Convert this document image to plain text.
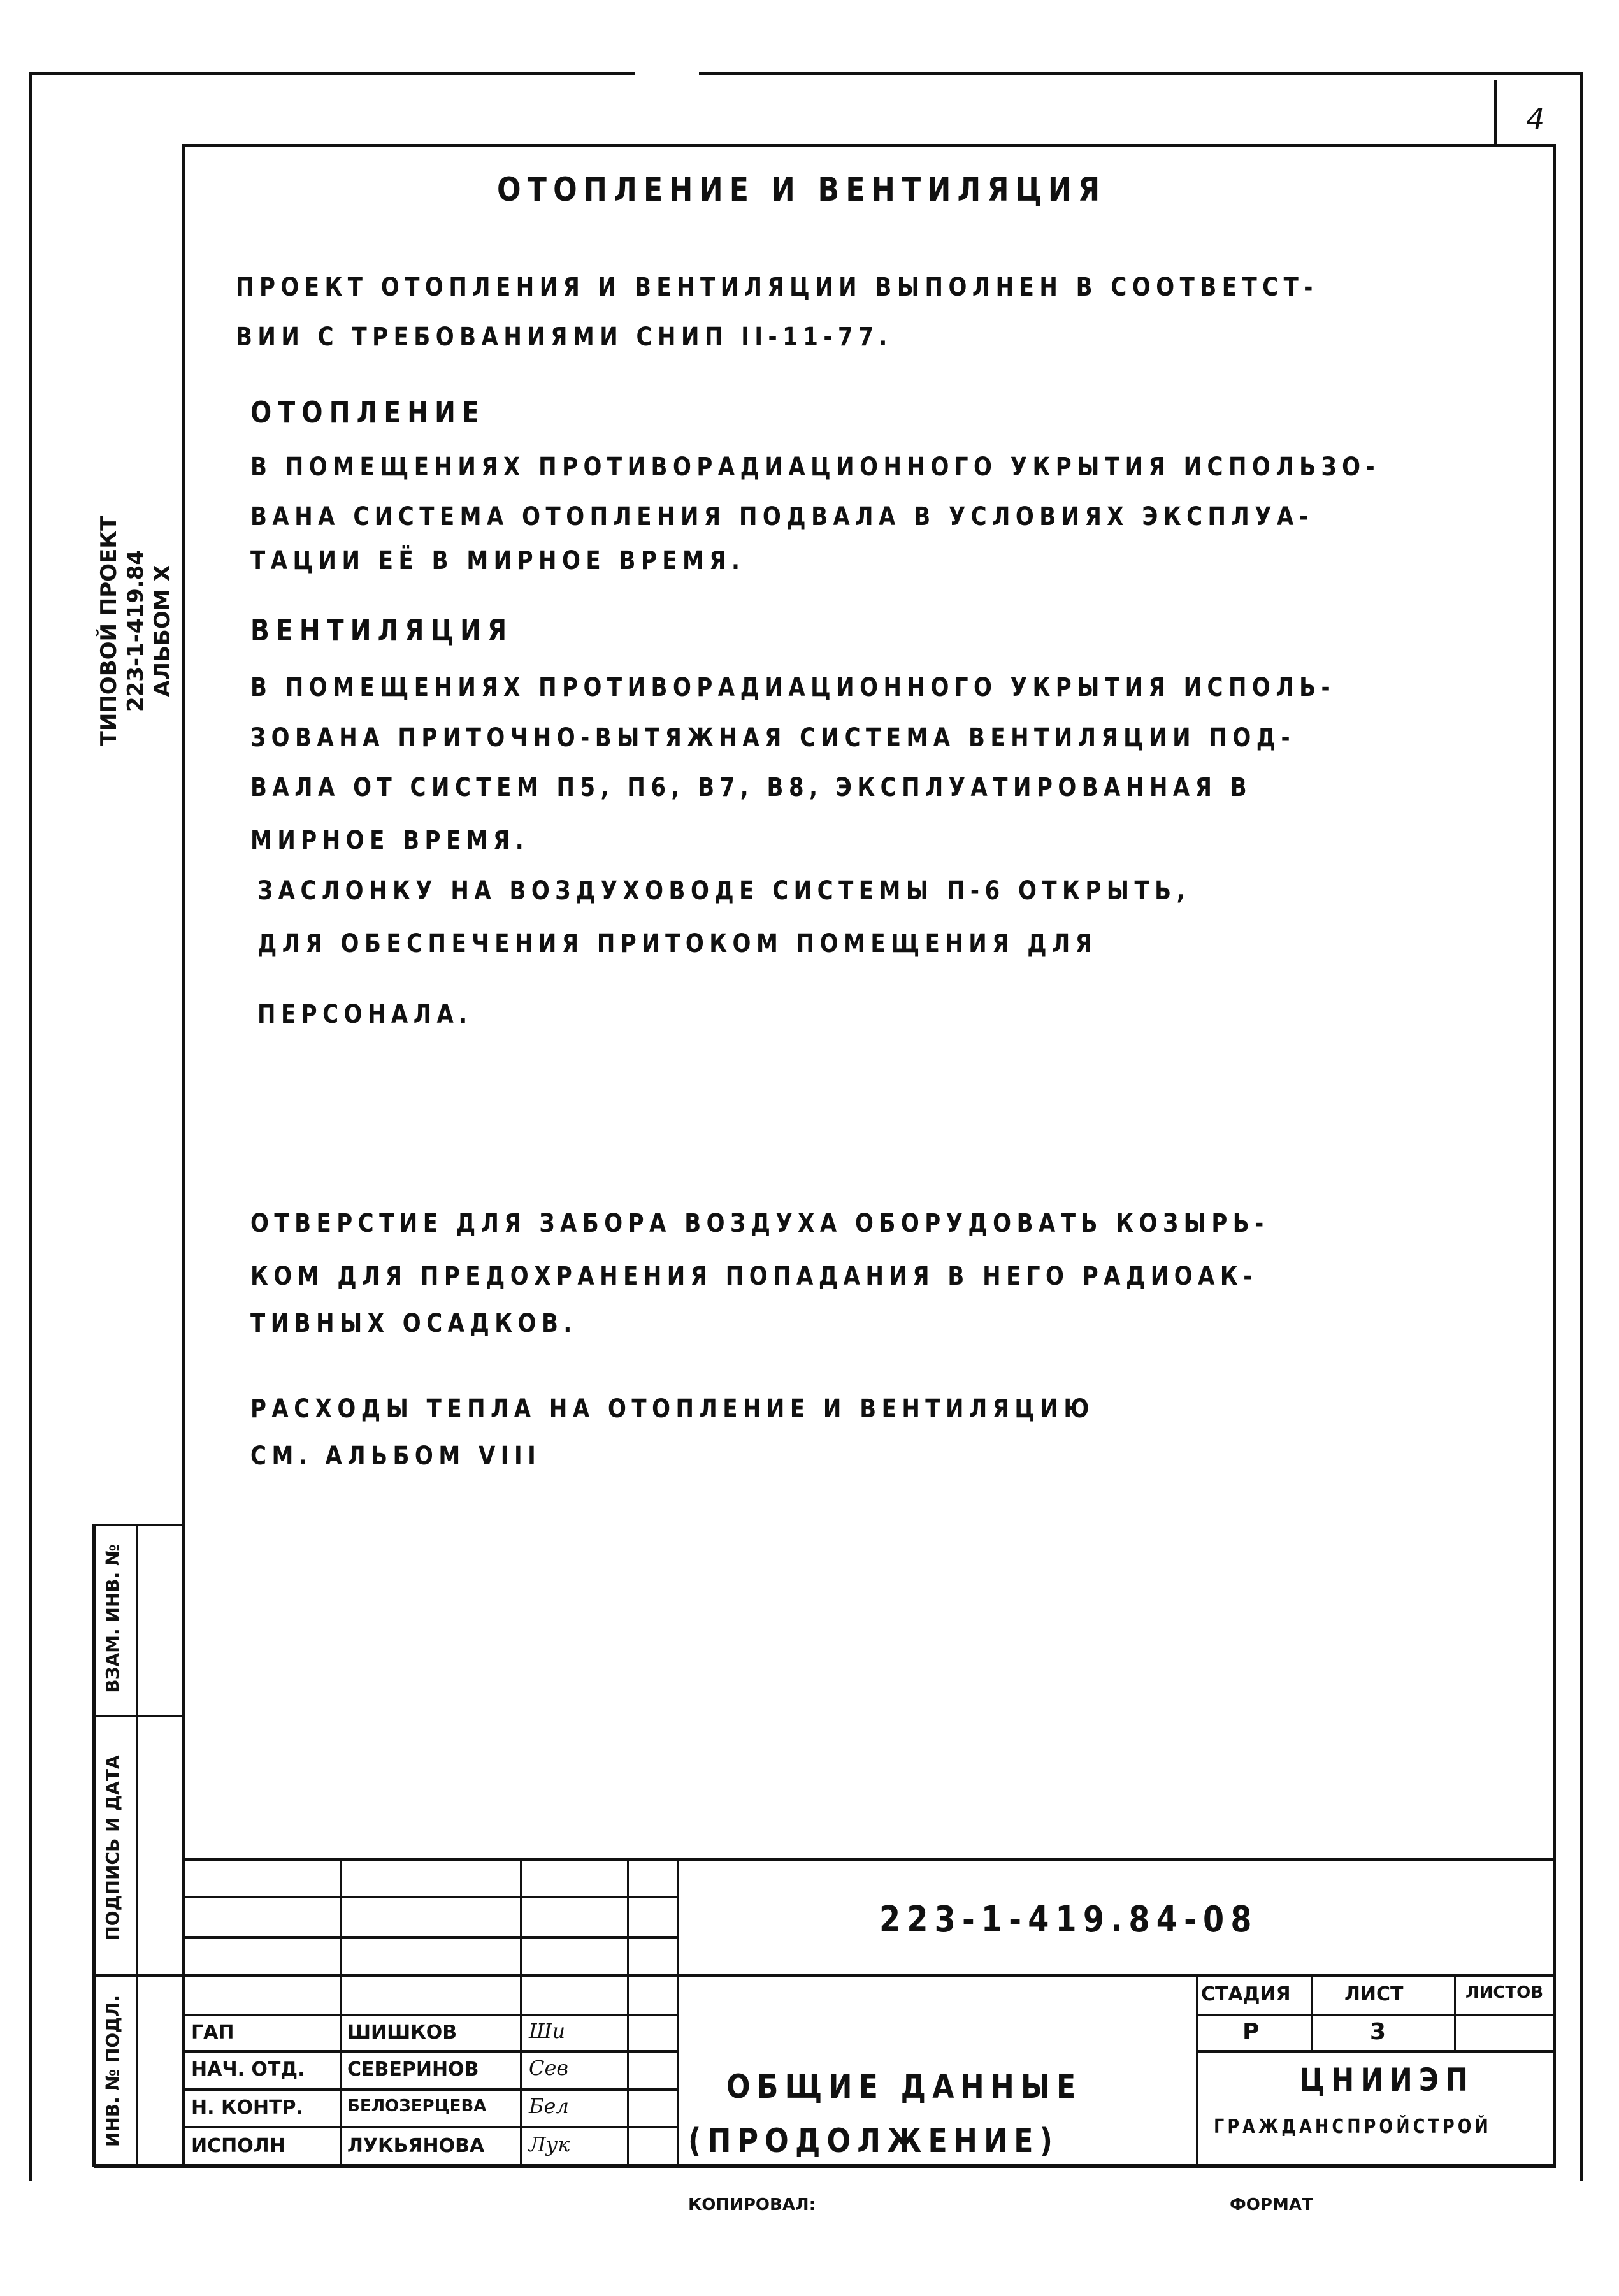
4
ТИПОВОЙ ПРОЕКТ 223-1-419.84 АЛЬБОМ X
ВЗАМ. ИНВ. №
ПОДПИСЬ И ДАТА
ИНВ. № ПОДЛ.
ОТОПЛЕНИЕ И ВЕНТИЛЯЦИЯ
ПРОЕКТ ОТОПЛЕНИЯ И ВЕНТИЛЯЦИИ ВЫПОЛНЕН В СООТВЕТСТ-
ВИИ С ТРЕБОВАНИЯМИ СНИП II-11-77.
ОТОПЛЕНИЕ
В ПОМЕЩЕНИЯХ ПРОТИВОРАДИАЦИОННОГО УКРЫТИЯ ИСПОЛЬЗО-
ВАНА СИСТЕМА ОТОПЛЕНИЯ ПОДВАЛА В УСЛОВИЯХ ЭКСПЛУА-
ТАЦИИ ЕЁ В МИРНОЕ ВРЕМЯ.
ВЕНТИЛЯЦИЯ
В ПОМЕЩЕНИЯХ ПРОТИВОРАДИАЦИОННОГО УКРЫТИЯ ИСПОЛЬ-
ЗОВАНА ПРИТОЧНО-ВЫТЯЖНАЯ СИСТЕМА ВЕНТИЛЯЦИИ ПОД-
ВАЛА ОТ СИСТЕМ П5, П6, В7, В8, ЭКСПЛУАТИРОВАННАЯ В
МИРНОЕ ВРЕМЯ.
ЗАСЛОНКУ НА ВОЗДУХОВОДЕ СИСТЕМЫ П-6 ОТКРЫТЬ,
ДЛЯ ОБЕСПЕЧЕНИЯ ПРИТОКОМ ПОМЕЩЕНИЯ ДЛЯ
ПЕРСОНАЛА.
ОТВЕРСТИЕ ДЛЯ ЗАБОРА ВОЗДУХА ОБОРУДОВАТЬ КОЗЫРЬ-
КОМ ДЛЯ ПРЕДОХРАНЕНИЯ ПОПАДАНИЯ В НЕГО РАДИОАК-
ТИВНЫХ ОСАДКОВ.
РАСХОДЫ ТЕПЛА НА ОТОПЛЕНИЕ И ВЕНТИЛЯЦИЮ
СМ. АЛЬБОМ VIII
223-1-419.84-08
СТАДИЯ	ЛИСТ	ЛИСТОВ
Р	3
ЦНИИЭП
ГРАЖДАНСПРОЙСТРОЙ
ОБЩИЕ ДАННЫЕ
(ПРОДОЛЖЕНИЕ)
ГАП	ШИШКОВ	Ши
НАЧ. ОТД. СЕВЕРИНОВ Сев
Н. КОНТР.	БЕЛОЗЕРЦЕВА Бел
ИСПОЛН	ЛУКЬЯНОВА Лук
КОПИРОВАЛ:	ФОРМАТ
